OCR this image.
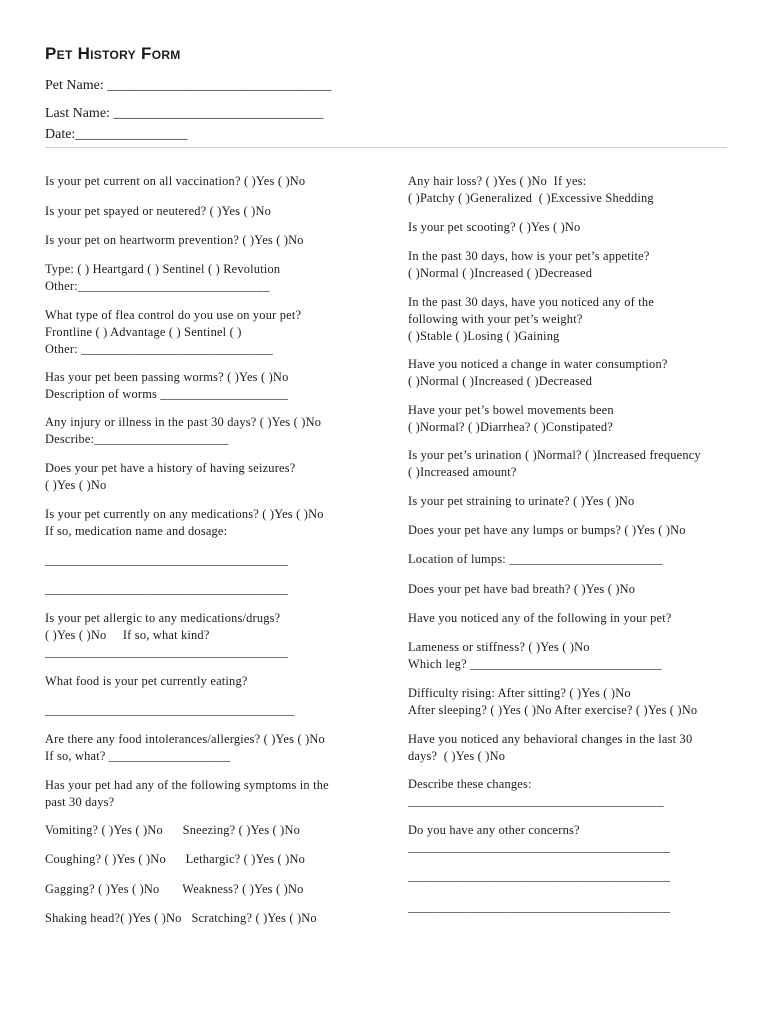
Pet History Form
Pet Name: ________________________________
Last Name: ______________________________
Date:________________
Is your pet current on all vaccination? ( )Yes ( )No
Is your pet spayed or neutered? ( )Yes ( )No
Is your pet on heartworm prevention? ( )Yes ( )No
Type: ( ) Heartgard ( ) Sentinel ( ) Revolution
Other:______________________________
What type of flea control do you use on your pet?
Frontline ( ) Advantage ( ) Sentinel ( )
Other: ______________________________
Has your pet been passing worms? ( )Yes ( )No
Description of worms ____________________
Any injury or illness in the past 30 days? ( )Yes ( )No
Describe:_____________________
Does your pet have a history of having seizures?
( )Yes ( )No
Is your pet currently on any medications? ( )Yes ( )No
If so, medication name and dosage:
______________________________________
______________________________________
Is your pet allergic to any medications/drugs?
( )Yes ( )No     If so, what kind?
______________________________________
What food is your pet currently eating?
_______________________________________
Are there any food intolerances/allergies? ( )Yes ( )No
If so, what? ___________________
Has your pet had any of the following symptoms in the
past 30 days?
Vomiting? ( )Yes ( )No      Sneezing? ( )Yes ( )No
Coughing? ( )Yes ( )No      Lethargic? ( )Yes ( )No
Gagging? ( )Yes ( )No       Weakness? ( )Yes ( )No
Shaking head?( )Yes ( )No   Scratching? ( )Yes ( )No
Any hair loss? ( )Yes ( )No  If yes:
( )Patchy ( )Generalized  ( )Excessive Shedding
Is your pet scooting? ( )Yes ( )No
In the past 30 days, how is your pet’s appetite?
( )Normal ( )Increased ( )Decreased
In the past 30 days, have you noticed any of the
following with your pet’s weight?
( )Stable ( )Losing ( )Gaining
Have you noticed a change in water consumption?
( )Normal ( )Increased ( )Decreased
Have your pet’s bowel movements been
( )Normal? ( )Diarrhea? ( )Constipated?
Is your pet’s urination ( )Normal? ( )Increased frequency
( )Increased amount?
Is your pet straining to urinate? ( )Yes ( )No
Does your pet have any lumps or bumps? ( )Yes ( )No
Location of lumps: ________________________
Does your pet have bad breath? ( )Yes ( )No
Have you noticed any of the following in your pet?
Lameness or stiffness? ( )Yes ( )No
Which leg? ______________________________
Difficulty rising: After sitting? ( )Yes ( )No
After sleeping? ( )Yes ( )No After exercise? ( )Yes ( )No
Have you noticed any behavioral changes in the last 30
days?  ( )Yes ( )No
Describe these changes:
________________________________________
Do you have any other concerns?
_________________________________________
_________________________________________
_________________________________________
